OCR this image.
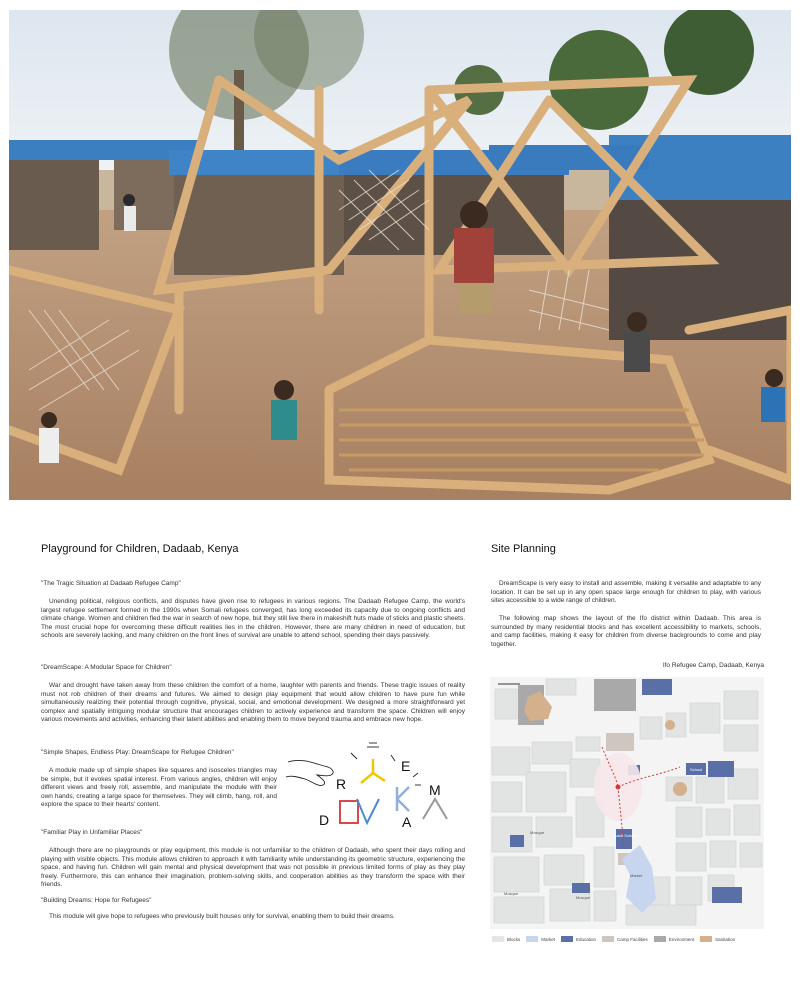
Playground for Children, Dadaab, Kenya
"The Tragic Situation at Dadaab Refugee Camp"
Unending political, religious conflicts, and disputes have given rise to refugees in various regions. The Dadaab Refugee Camp, the world's largest refugee settlement formed in the 1990s when Somali refugees converged, has long exceeded its capacity due to ongoing conflicts and climate change. Women and children fled the war in search of new hope, but they still live there in makeshift huts made of sticks and plastic sheets. The most crucial hope for overcoming these difficult realities lies in the children. However, there are many children in need of education, but schools are severely lacking, and many children on the front lines of survival are unable to attend school, spending their days passively.
"DreamScape: A Modular Space for Children"
War and drought have taken away from these children the comfort of a home, laughter with parents and friends. These tragic issues of reality must not rob children of their dreams and futures. We aimed to design play equipment that would allow children to have pure fun while simultaneously realizing their potential through cognitive, physical, social, and emotional development. We designed a more straightforward yet complex and spatially intriguing modular structure that encourages children to actively experience and transform the space. Children will enjoy various movements and activities, enhancing their latent abilities and enabling them to move beyond trauma and embrace new hope.
"Simple Shapes, Endless Play: DreamScape for Refugee Children"
A module made up of simple shapes like squares and isosceles triangles may be simple, but it evokes spatial interest. From various angles, children will enjoy different views and freely roll, assemble, and manipulate the module with their own hands, creating a large space for themselves. They will climb, hang, roll, and explore the space to their hearts' content.
"Familiar Play in Unfamiliar Places"
Although there are no playgrounds or play equipment, this module is not unfamiliar to the children of Dadaab, who spent their days rolling and playing with visible objects. This module allows children to approach it with familiarity while understanding its geometric structure, experiencing the space, and having fun. Children will gain mental and physical development that was not possible in previous limited forms of play as they play freely. Furthermore, this can enhance their imagination, problem-solving skills, and cooperation abilities as they transform the space with their friends.
"Building Dreams: Hope for Refugees"
This module will give hope to refugees who previously built houses only for survival, enabling them to build their dreams.
R
E
M
A
D
Site Planning
DreamScape is very easy to install and assemble, making it versatile and adaptable to any location. It can be set up in any open space large enough for children to play, with various sites accessible to a wide range of children.
The following map shows the layout of the Ifo district within Dadaab. This area is surrounded by many residential blocks and has excellent accessibility to markets, schools, and camp facilities, making it easy for children from diverse backgrounds to come and play together.
Ifo Refugee Camp, Dadaab, Kenya
Mosque
Mosque
Mosque
Adult School
Market
School
Blocks	Market	Education	Camp Facilities	Environment	Sanitation
